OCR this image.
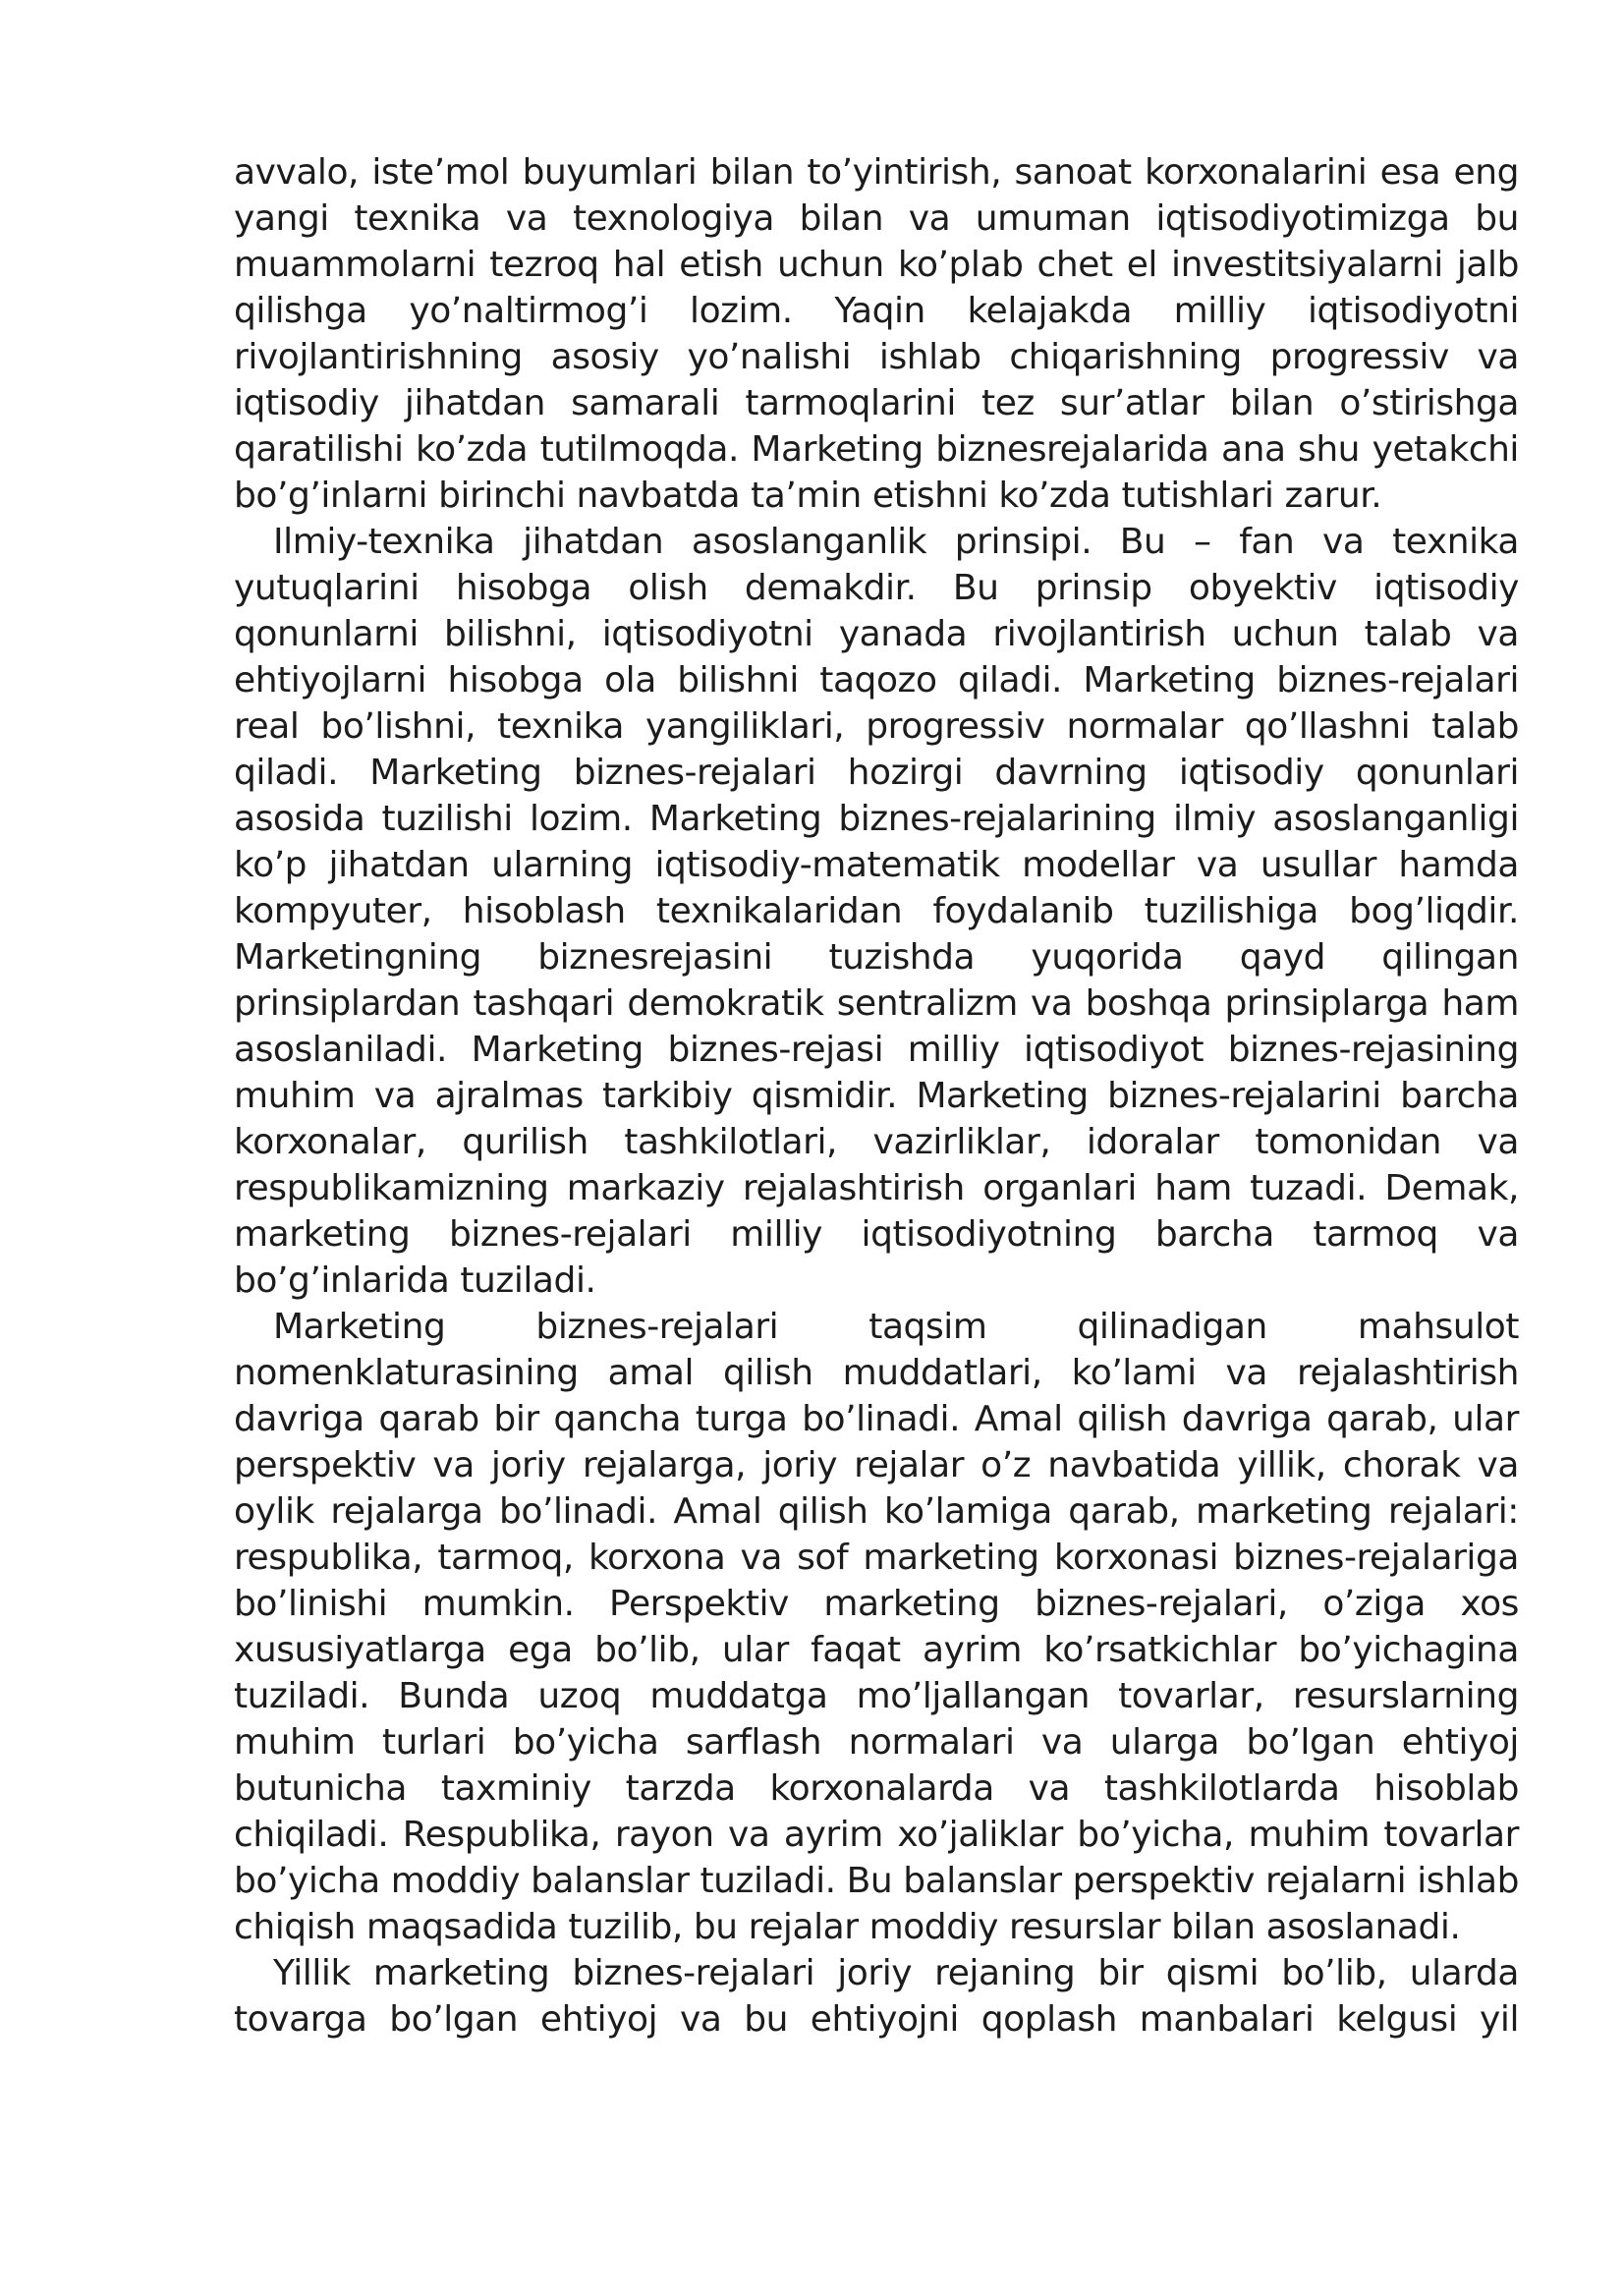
avvalo, iste’mol buyumlari bilan to’yintirish, sanoat korxonalarini esa eng yangi texnika va texnologiya bilan va umuman iqtisodiyotimizga bu muammolarni tezroq hal etish uchun ko’plab chet el investitsiyalarni jalb qilishga yo’naltirmog’i lozim. Yaqin kelajakda milliy iqtisodiyotni rivojlantirishning asosiy yo’nalishi ishlab chiqarishning progressiv va iqtisodiy jihatdan samarali tarmoqlarini tez sur’atlar bilan o’stirishga qaratilishi ko’zda tutilmoqda. Marketing biznesrejalarida ana shu yetakchi bo’g’inlarni birinchi navbatda ta’min etishni ko’zda tutishlari zarur.

Ilmiy-texnika jihatdan asoslanganlik prinsipi. Bu – fan va texnika yutuqlarini hisobga olish demakdir. Bu prinsip obyektiv iqtisodiy qonunlarni bilishni, iqtisodiyotni yanada rivojlantirish uchun talab va ehtiyojlarni hisobga ola bilishni taqozo qiladi. Marketing biznes-rejalari real bo’lishni, texnika yangiliklari, progressiv normalar qo’llashni talab qiladi. Marketing biznes-rejalari hozirgi davrning iqtisodiy qonunlari asosida tuzilishi lozim. Marketing biznes-rejalarining ilmiy asoslanganligi ko’p jihatdan ularning iqtisodiy-matematik modellar va usullar hamda kompyuter, hisoblash texnikalaridan foydalanib tuzilishiga bog’liqdir. Marketingning biznesrejasini tuzishda yuqorida qayd qilingan prinsiplardan tashqari demokratik sentralizm va boshqa prinsiplarga ham asoslaniladi. Marketing biznes-rejasi milliy iqtisodiyot biznes-rejasining muhim va ajralmas tarkibiy qismidir. Marketing biznes-rejalarini barcha korxonalar, qurilish tashkilotlari, vazirliklar, idoralar tomonidan va respublikamizning markaziy rejalashtirish organlari ham tuzadi. Demak, marketing biznes-rejalari milliy iqtisodiyotning barcha tarmoq va bo’g’inlarida tuziladi.

Marketing biznes-rejalari taqsim qilinadigan mahsulot nomenklaturasining amal qilish muddatlari, ko’lami va rejalashtirish davriga qarab bir qancha turga bo’linadi. Amal qilish davriga qarab, ular perspektiv va joriy rejalarga, joriy rejalar o’z navbatida yillik, chorak va oylik rejalarga bo’linadi. Amal qilish ko’lamiga qarab, marketing rejalari: respublika, tarmoq, korxona va sof marketing korxonasi biznes-rejalariga bo’linishi mumkin. Perspektiv marketing biznes-rejalari, o’ziga xos xususiyatlarga ega bo’lib, ular faqat ayrim ko’rsatkichlar bo’yichagina tuziladi. Bunda uzoq muddatga mo’ljallangan tovarlar, resurslarning muhim turlari bo’yicha sarflash normalari va ularga bo’lgan ehtiyoj butunicha taxminiy tarzda korxonalarda va tashkilotlarda hisoblab chiqiladi. Respublika, rayon va ayrim xo’jaliklar bo’yicha, muhim tovarlar bo’yicha moddiy balanslar tuziladi. Bu balanslar perspektiv rejalarni ishlab chiqish maqsadida tuzilib, bu rejalar moddiy resurslar bilan asoslanadi.

Yillik marketing biznes-rejalari joriy rejaning bir qismi bo’lib, ularda tovarga bo’lgan ehtiyoj va bu ehtiyojni qoplash manbalari kelgusi yil
